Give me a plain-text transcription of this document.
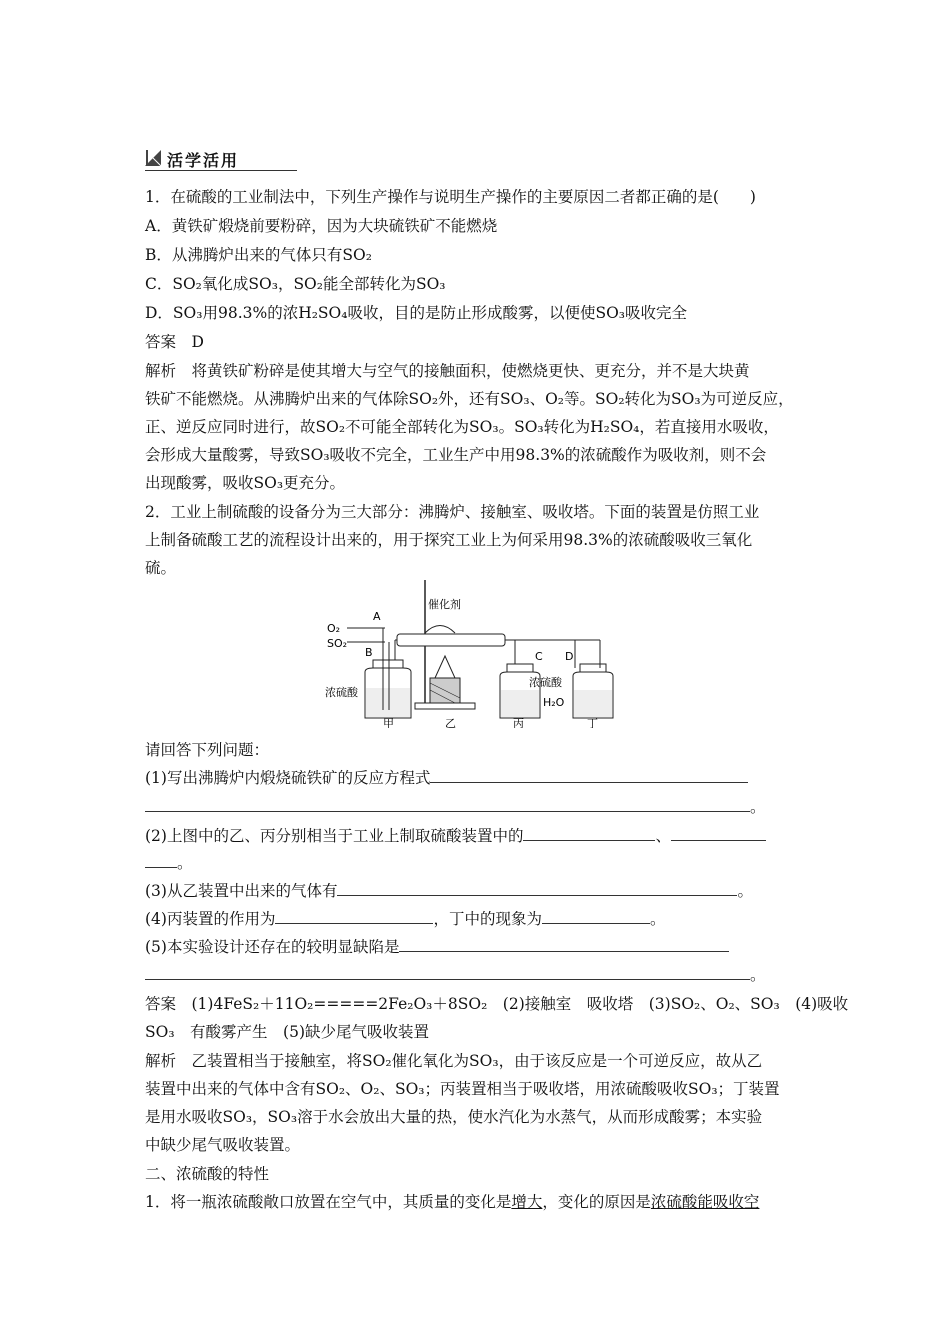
活学活用
1．在硫酸的工业制法中，下列生产操作与说明生产操作的主要原因二者都正确的是(　　)
A．黄铁矿煅烧前要粉碎，因为大块硫铁矿不能燃烧
B．从沸腾炉出来的气体只有SO₂
C．SO₂氧化成SO₃，SO₂能全部转化为SO₃
D．SO₃用98.3%的浓H₂SO₄吸收，目的是防止形成酸雾，以便使SO₃吸收完全
答案　D
解析　将黄铁矿粉碎是使其增大与空气的接触面积，使燃烧更快、更充分，并不是大块黄
铁矿不能燃烧。从沸腾炉出来的气体除SO₂外，还有SO₃、O₂等。SO₂转化为SO₃为可逆反应，
正、逆反应同时进行，故SO₂不可能全部转化为SO₃。SO₃转化为H₂SO₄，若直接用水吸收，
会形成大量酸雾，导致SO₃吸收不完全，工业生产中用98.3%的浓硫酸作为吸收剂，则不会
出现酸雾，吸收SO₃更充分。
2．工业上制硫酸的设备分为三大部分：沸腾炉、接触室、吸收塔。下面的装置是仿照工业
上制备硫酸工艺的流程设计出来的，用于探究工业上为何采用98.3%的浓硫酸吸收三氧化
硫。
催化剂
O₂
SO₂
A
B
浓硫酸
甲	乙
C D
浓硫酸
丙
H₂O
丁
请回答下列问题：
(1)写出沸腾炉内煅烧硫铁矿的反应方程式
。
(2)上图中的乙、丙分别相当于工业上制取硫酸装置中的	、
。
(3)从乙装置中出来的气体有	。
(4)丙装置的作用为	，丁中的现象为	。
(5)本实验设计还存在的较明显缺陷是
。
答案　(1)4FeS₂＋11O₂=====2Fe₂O₃＋8SO₂　(2)接触室　吸收塔　(3)SO₂、O₂、SO₃　(4)吸收
SO₃　有酸雾产生　(5)缺少尾气吸收装置
解析　乙装置相当于接触室，将SO₂催化氧化为SO₃，由于该反应是一个可逆反应，故从乙
装置中出来的气体中含有SO₂、O₂、SO₃；丙装置相当于吸收塔，用浓硫酸吸收SO₃；丁装置
是用水吸收SO₃，SO₃溶于水会放出大量的热，使水汽化为水蒸气，从而形成酸雾；本实验
中缺少尾气吸收装置。
二、浓硫酸的特性
1．将一瓶浓硫酸敞口放置在空气中，其质量的变化是增大，变化的原因是浓硫酸能吸收空
